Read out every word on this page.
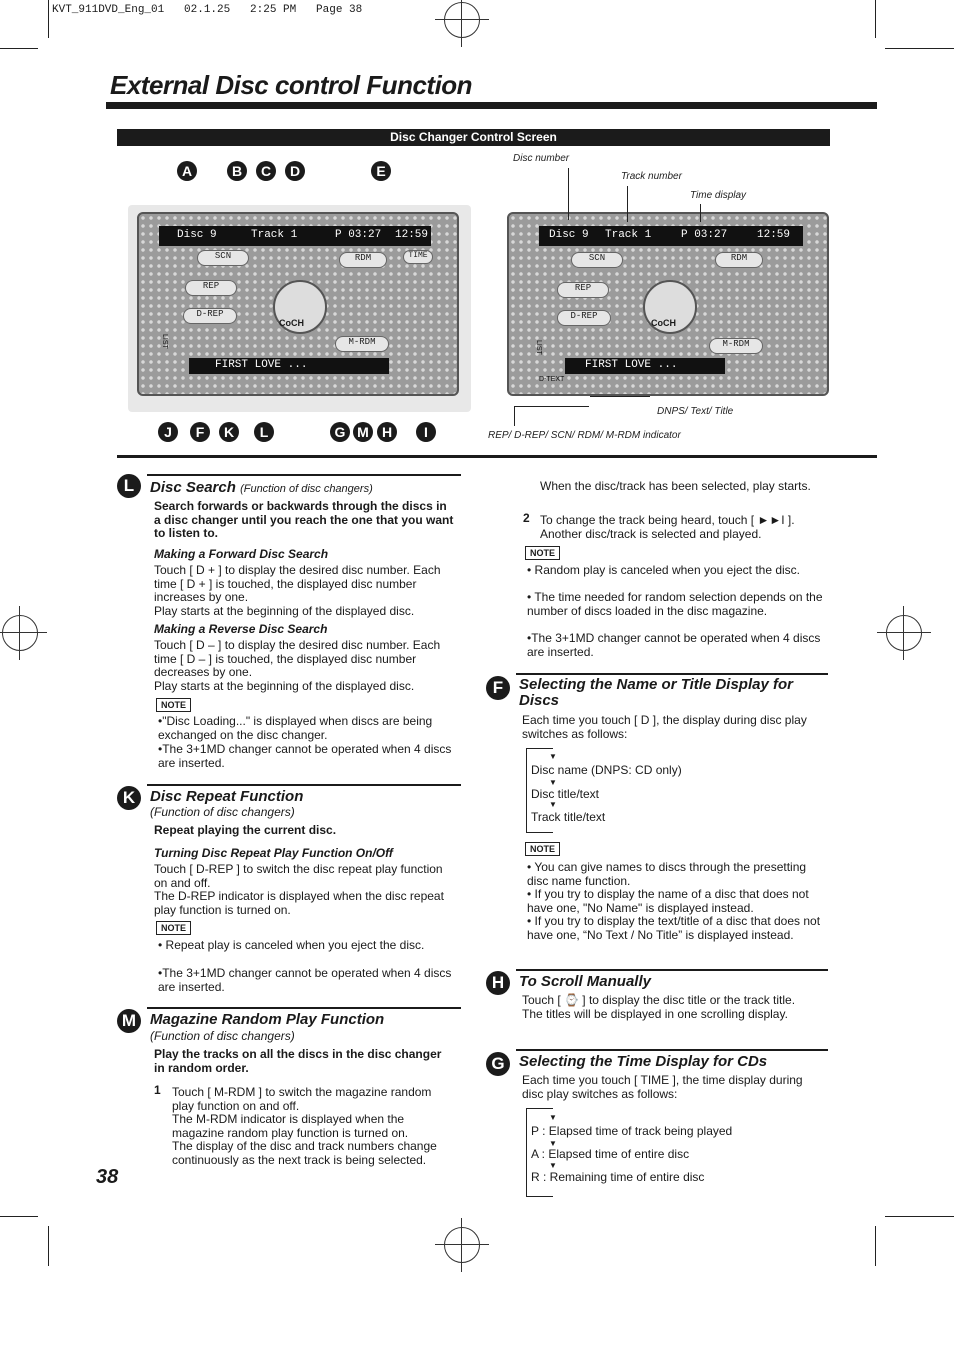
KVT_911DVD_Eng_01   02.1.25   2:25 PM   Page 38
External Disc control Function
Disc Changer Control Screen
Disc 9	Track 1	P 03:27 12:59
SCN	RDM	TIME
REP
D-REP
M-RDM
CoCH
FIRST LOVE ...
LIST
Disc 9 Track 1	P 03:27	12:59
SCN	RDM
REP
D-REP
M-RDM
CoCH
FIRST LOVE ...
D-TEXT
LIST
Disc number
Track number
Time display
DNPS/ Text/ Title
REP/ D-REP/ SCN/ RDM/ M-RDM indicator
A	B	C	D	E
J	F	K	L	G M H	I
L	Disc Search (Function of disc changers)
Search forwards or backwards through the discs in a disc changer until you reach the one that you want to listen to.
Making a Forward Disc Search
Touch [ D + ] to display the desired disc number. Each time [ D + ] is touched, the displayed disc number increases by one.
Play starts at the beginning of the displayed disc.
Making a Reverse Disc Search
Touch [ D – ] to display the desired disc number. Each time [ D – ] is touched, the displayed disc number decreases by one.
Play starts at the beginning of the displayed disc.
NOTE
•"Disc Loading..." is displayed when discs are being exchanged on the disc changer.
•The 3+1MD changer cannot be operated when 4 discs are inserted.
K Disc Repeat Function
(Function of disc changers)
Repeat playing the current disc.
Turning Disc Repeat Play Function On/Off
Touch [ D-REP ] to switch the disc repeat play function on and off.
The D-REP indicator is displayed when the disc repeat play function is turned on.
NOTE
• Repeat play is canceled when you eject the disc.
•The 3+1MD changer cannot be operated when 4 discs are inserted.
M Magazine Random Play Function
(Function of disc changers)
Play the tracks on all the discs in the disc changer in random order.
1 Touch [ M-RDM ] to switch the magazine random play function on and off.
The M-RDM indicator is displayed when the magazine random play function is turned on.
The display of the disc and track numbers change continuously as the next track is being selected.
When the disc/track has been selected, play starts.
2 To change the track being heard, touch [ ►►I ]. Another disc/track is selected and played.
NOTE
• Random play is canceled when you eject the disc.
• The time needed for random selection depends on the number of discs loaded in the disc magazine.
•The 3+1MD changer cannot be operated when 4 discs are inserted.
F	Selecting the Name or Title Display for Discs
Each time you touch [ D ], the display during disc play switches as follows:
▼
Disc name (DNPS: CD only)
▼
Disc title/text
▼
Track title/text
NOTE
• You can give names to discs through the presetting disc name function.
• If you try to display the name of a disc that does not have one, "No Name" is displayed instead.
• If you try to display the text/title of a disc that does not have one, “No Text / No Title” is displayed instead.
H To Scroll Manually
Touch [ ⌚ ] to display the disc title or the track title. The titles will be displayed in one scrolling display.
G Selecting the Time Display for CDs
Each time you touch [ TIME ], the time display during disc play switches as follows:
▼
P : Elapsed time of track being played
▼
A : Elapsed time of entire disc
▼
R : Remaining time of entire disc
38
